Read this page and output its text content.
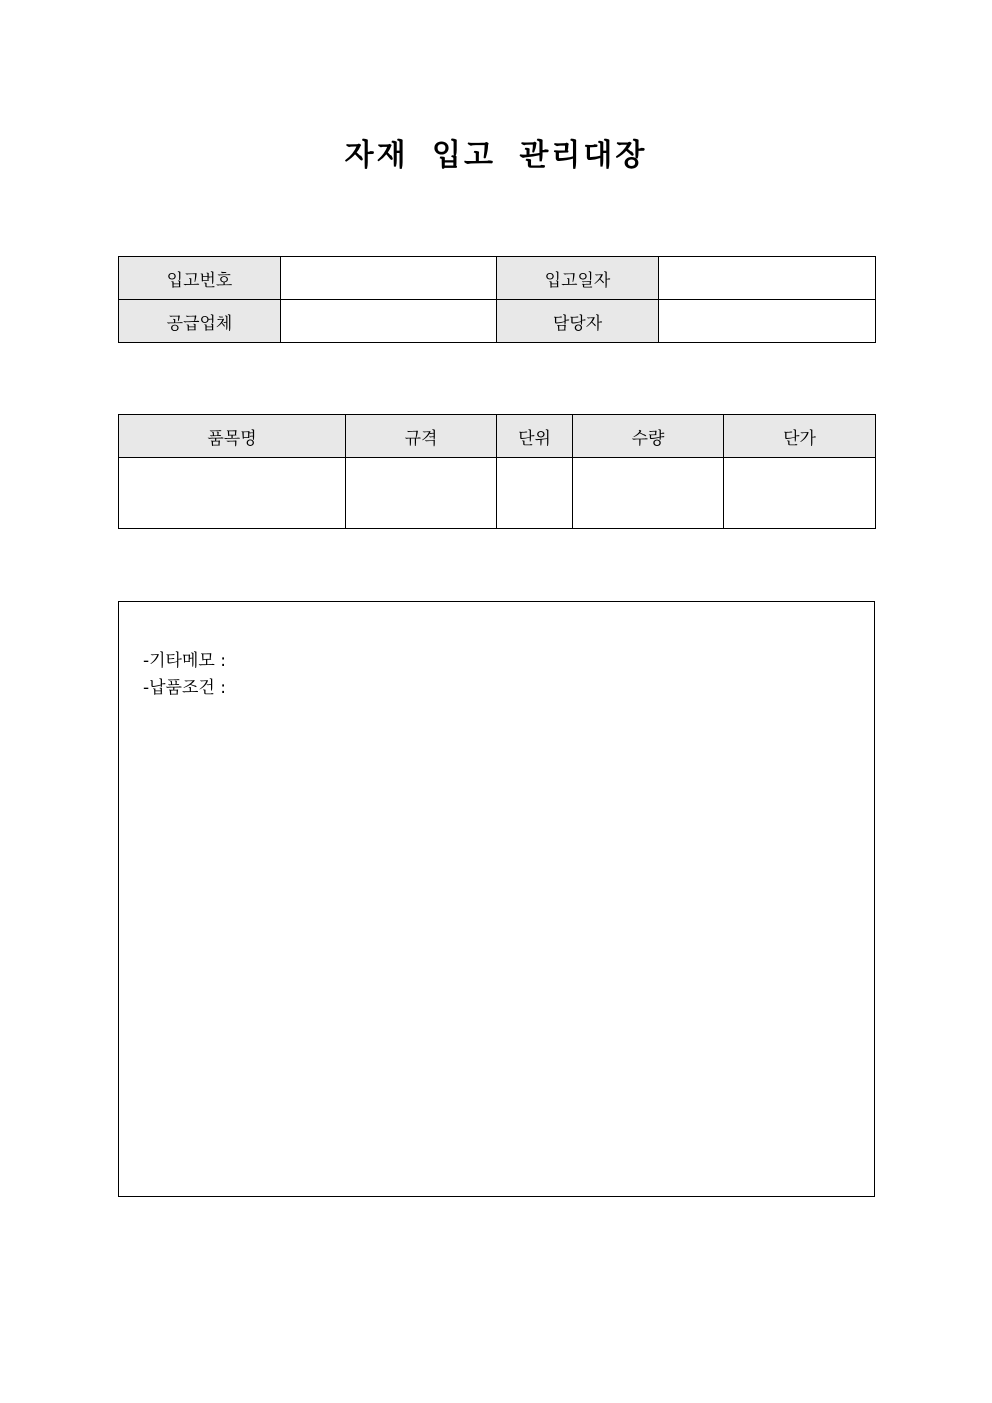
자재 입고 관리대장
입고번호		입고일자	
공급업체		담당자	
품목명	규격	단위	수량	단가

-기타메모 :
-납품조건 :
